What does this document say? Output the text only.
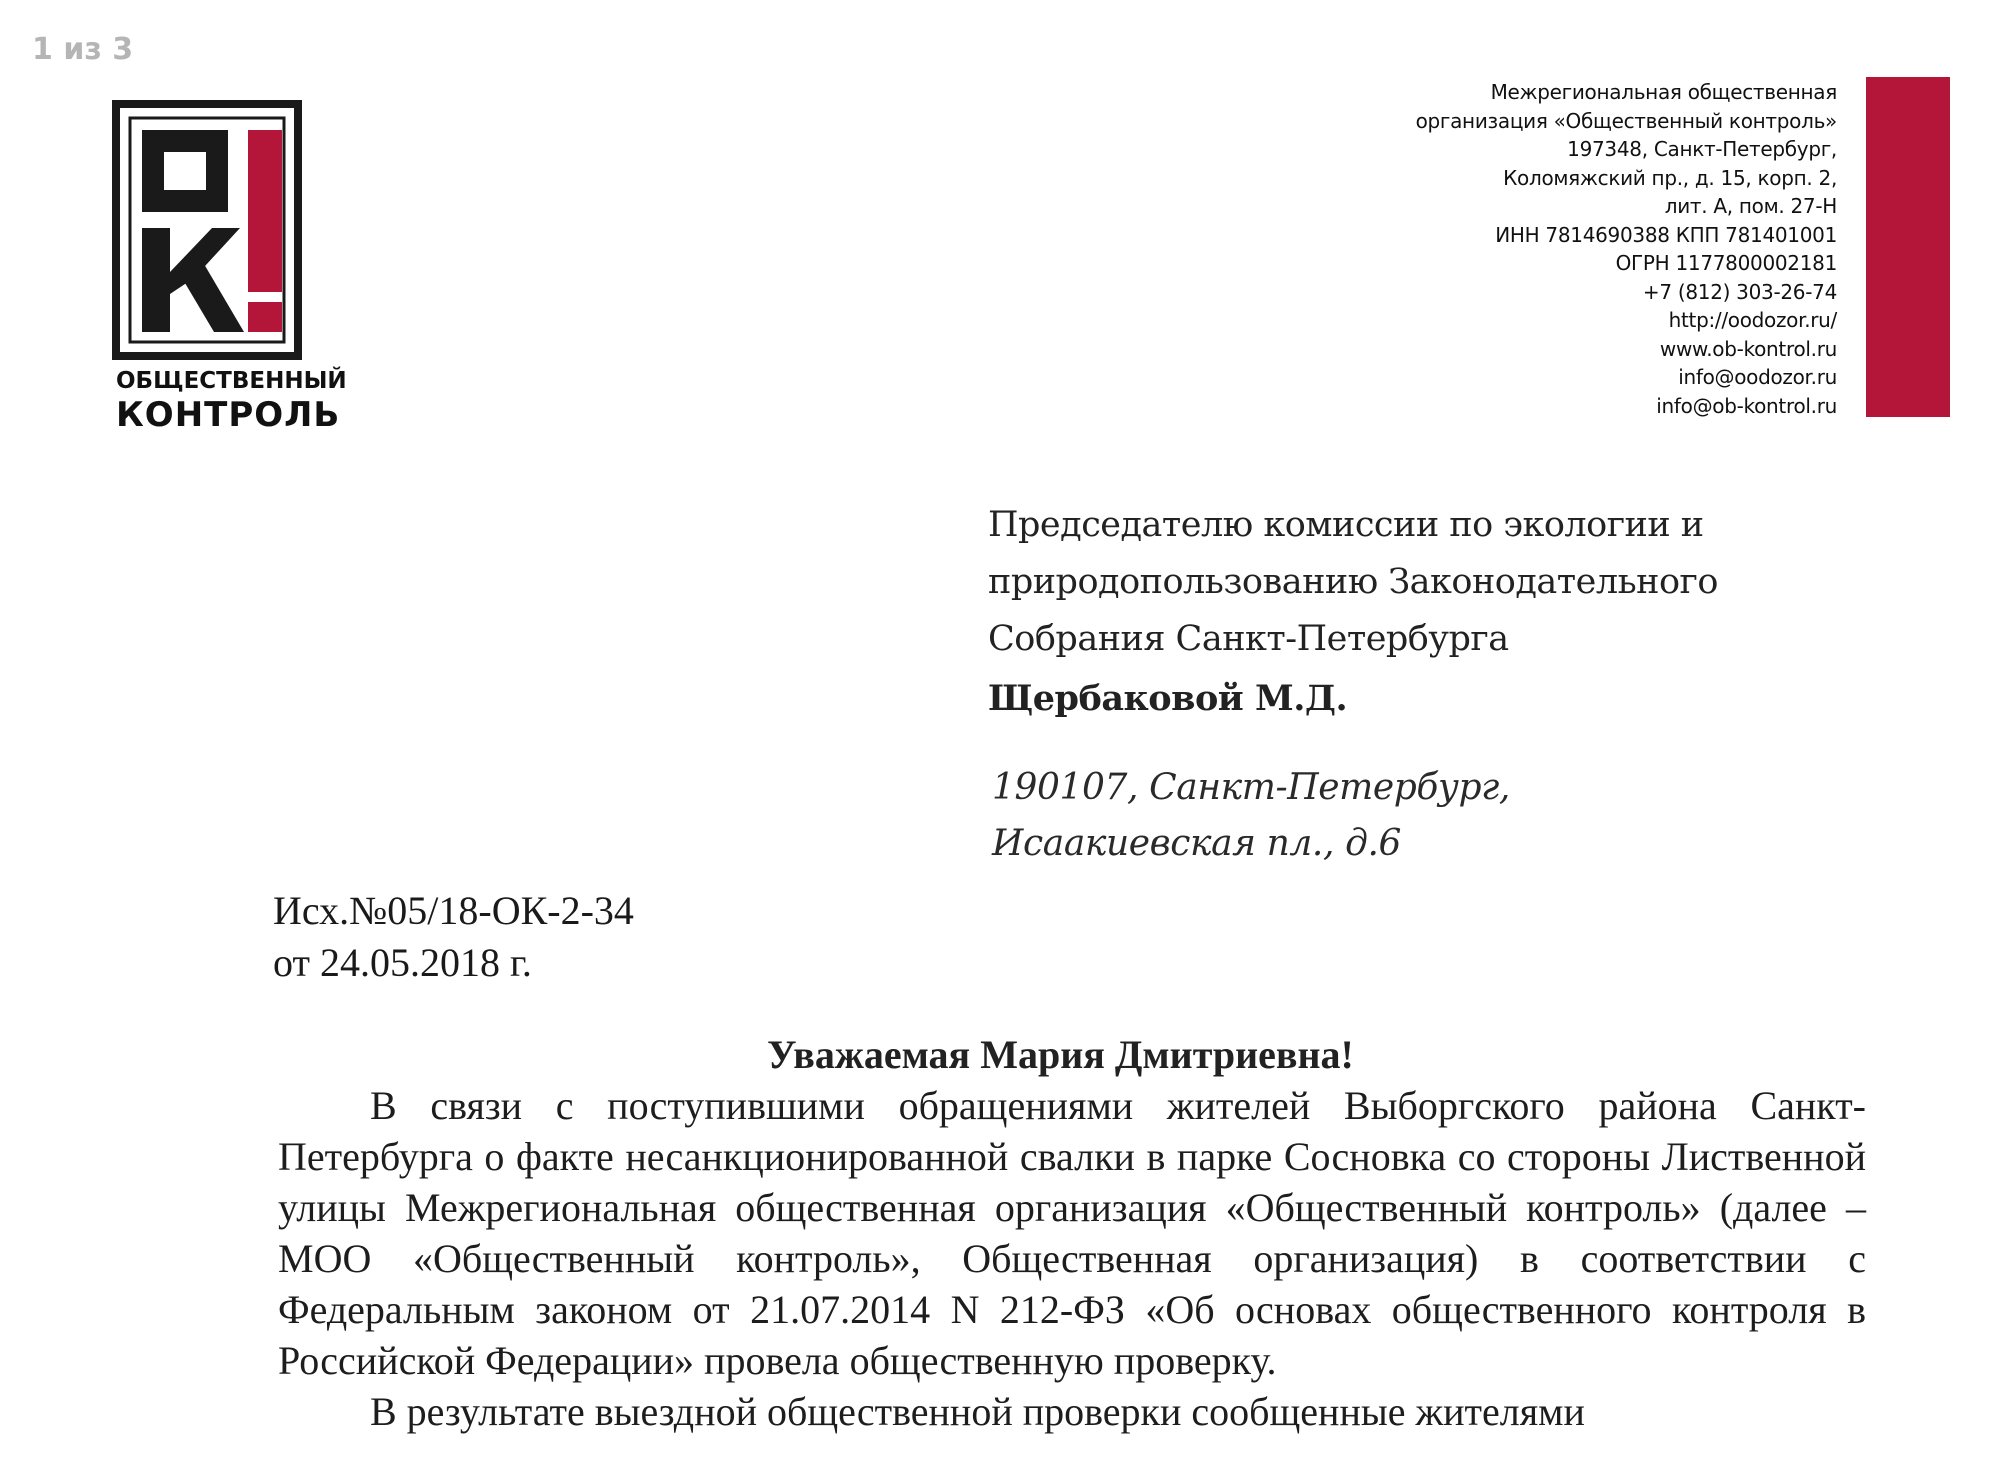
1 из 3
ОБЩЕСТВЕННЫЙ
КОНТРОЛЬ
Межрегиональная общественная
организация «Общественный контроль»
197348, Санкт-Петербург,
Коломяжский пр., д. 15, корп. 2,
лит. А, пом. 27-Н
ИНН 7814690388 КПП 781401001
ОГРН 1177800002181
+7 (812) 303-26-74
http://oodozor.ru/
www.ob-kontrol.ru
info@oodozor.ru
info@ob-kontrol.ru
Председателю комиссии по экологии и
природопользованию Законодательного
Собрания Санкт-Петербурга
Щербаковой М.Д.
190107, Санкт-Петербург,
Исаакиевская пл., д.6
Исх.№05/18-ОК-2-34
от 24.05.2018 г.
Уважаемая Мария Дмитриевна!

В связи с поступившими обращениями жителей Выборгского района Санкт-Петербурга о факте несанкционированной свалки в парке Сосновка со стороны Лиственной улицы Межрегиональная общественная организация «Общественный контроль» (далее – МОО «Общественный контроль», Общественная организация) в соответствии с Федеральным законом от 21.07.2014 N 212-ФЗ «Об основах общественного контроля в Российской Федерации» провела общественную проверку.

В результате выездной общественной проверки сообщенные жителями
